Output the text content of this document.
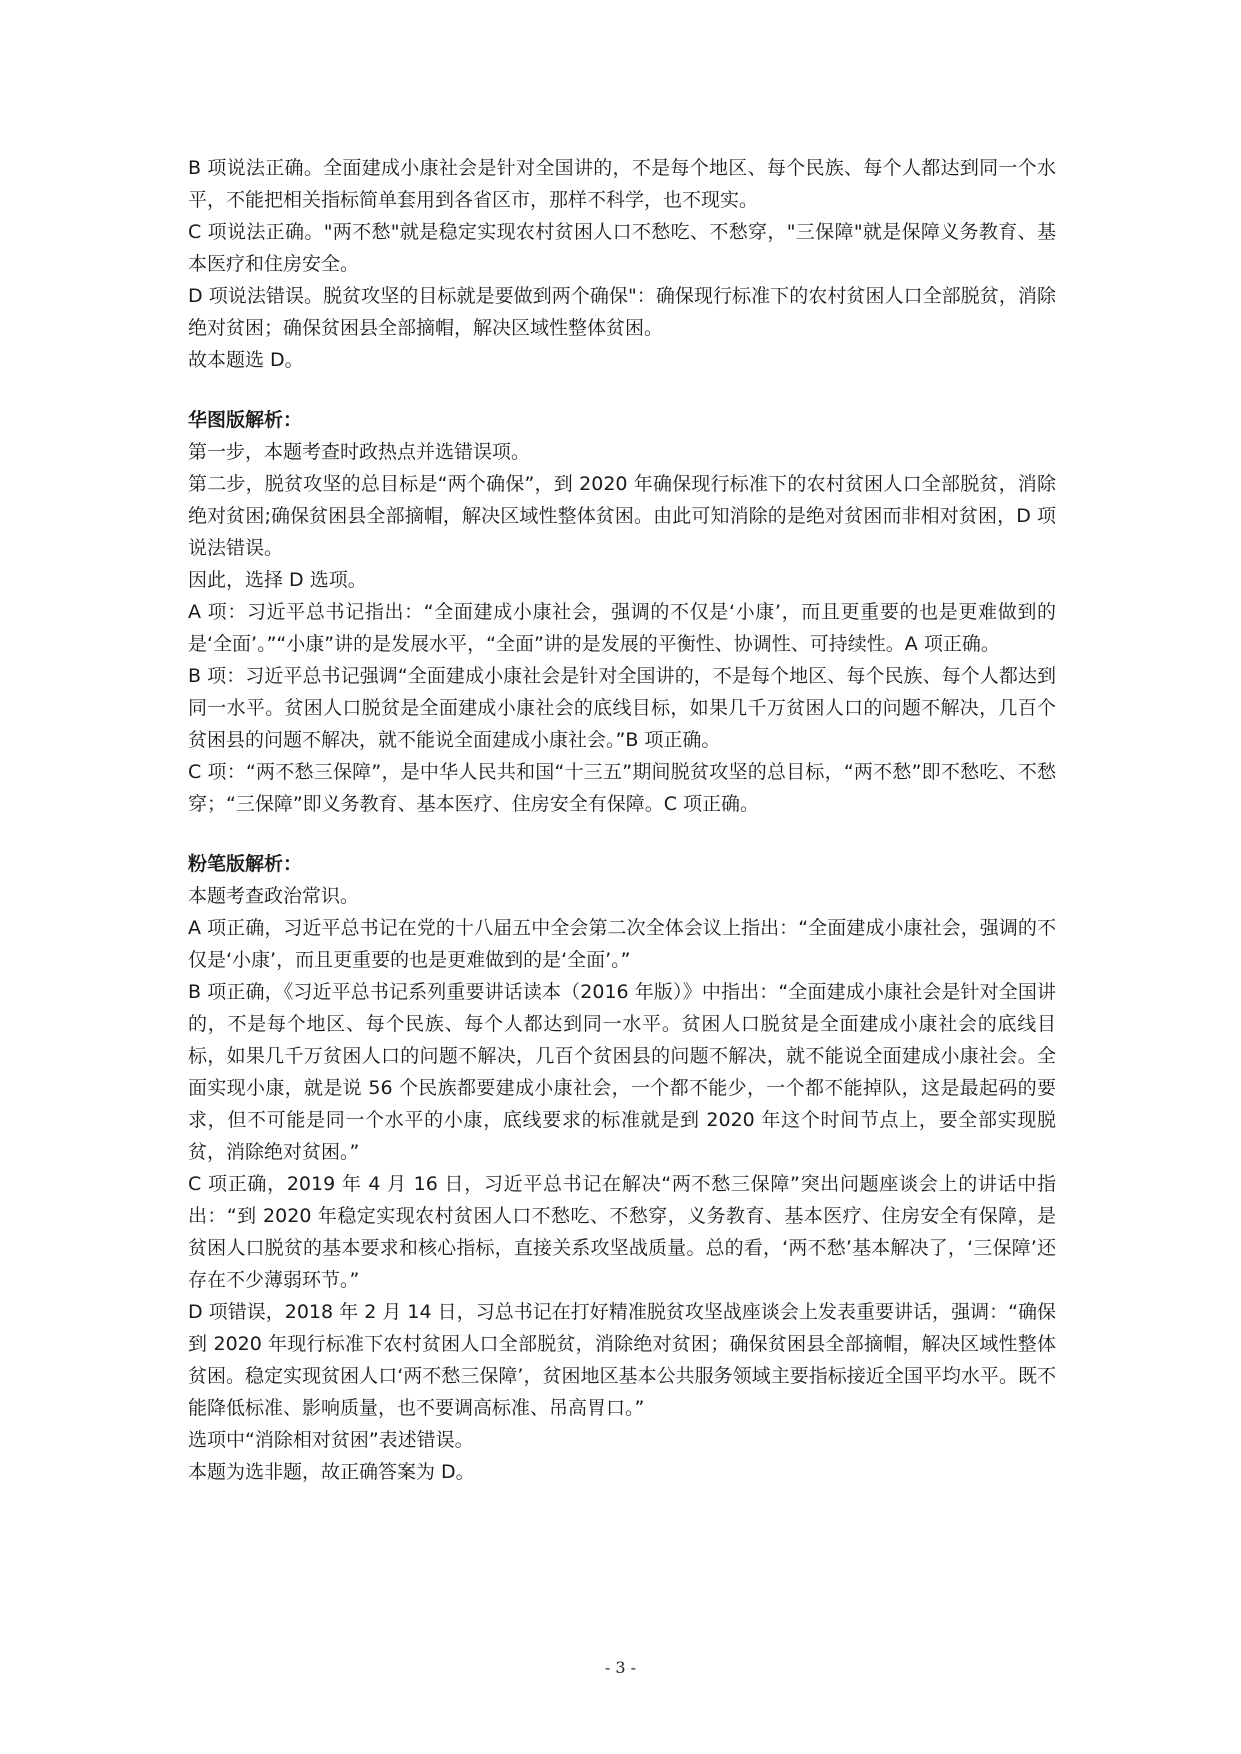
B 项说法正确。全面建成小康社会是针对全国讲的，不是每个地区、每个民族、每个人都达到同一个水平，不能把相关指标简单套用到各省区市，那样不科学，也不现实。

C 项说法正确。"两不愁"就是稳定实现农村贫困人口不愁吃、不愁穿，"三保障"就是保障义务教育、基本医疗和住房安全。

D 项说法错误。脱贫攻坚的目标就是要做到两个确保"：确保现行标准下的农村贫困人口全部脱贫，消除绝对贫困；确保贫困县全部摘帽，解决区域性整体贫困。

故本题选 D。

华图版解析：

第一步，本题考查时政热点并选错误项。

第二步，脱贫攻坚的总目标是“两个确保”，到 2020 年确保现行标准下的农村贫困人口全部脱贫，消除绝对贫困;确保贫困县全部摘帽，解决区域性整体贫困。由此可知消除的是绝对贫困而非相对贫困，D 项说法错误。

因此，选择 D 选项。

A 项：习近平总书记指出：“全面建成小康社会，强调的不仅是‘小康’，而且更重要的也是更难做到的是‘全面’。”“小康”讲的是发展水平，“全面”讲的是发展的平衡性、协调性、可持续性。A 项正确。

B 项：习近平总书记强调“全面建成小康社会是针对全国讲的，不是每个地区、每个民族、每个人都达到同一水平。贫困人口脱贫是全面建成小康社会的底线目标，如果几千万贫困人口的问题不解决，几百个贫困县的问题不解决，就不能说全面建成小康社会。”B 项正确。

C 项：“两不愁三保障”，是中华人民共和国“十三五”期间脱贫攻坚的总目标，“两不愁”即不愁吃、不愁穿；“三保障”即义务教育、基本医疗、住房安全有保障。C 项正确。

粉笔版解析：

本题考查政治常识。

A 项正确，习近平总书记在党的十八届五中全会第二次全体会议上指出：“全面建成小康社会，强调的不仅是‘小康’，而且更重要的也是更难做到的是‘全面’。”

B 项正确，《习近平总书记系列重要讲话读本（2016 年版）》中指出：“全面建成小康社会是针对全国讲的，不是每个地区、每个民族、每个人都达到同一水平。贫困人口脱贫是全面建成小康社会的底线目标，如果几千万贫困人口的问题不解决，几百个贫困县的问题不解决，就不能说全面建成小康社会。全面实现小康，就是说 56 个民族都要建成小康社会，一个都不能少，一个都不能掉队，这是最起码的要求，但不可能是同一个水平的小康，底线要求的标准就是到 2020 年这个时间节点上，要全部实现脱贫，消除绝对贫困。”

C 项正确，2019 年 4 月 16 日，习近平总书记在解决“两不愁三保障”突出问题座谈会上的讲话中指出：“到 2020 年稳定实现农村贫困人口不愁吃、不愁穿，义务教育、基本医疗、住房安全有保障，是贫困人口脱贫的基本要求和核心指标，直接关系攻坚战质量。总的看，‘两不愁’基本解决了，‘三保障’还存在不少薄弱环节。”

D 项错误，2018 年 2 月 14 日，习总书记在打好精准脱贫攻坚战座谈会上发表重要讲话，强调：“确保到 2020 年现行标准下农村贫困人口全部脱贫，消除绝对贫困；确保贫困县全部摘帽，解决区域性整体贫困。稳定实现贫困人口‘两不愁三保障’，贫困地区基本公共服务领域主要指标接近全国平均水平。既不能降低标准、影响质量，也不要调高标准、吊高胃口。”

选项中“消除相对贫困”表述错误。

本题为选非题，故正确答案为 D。

- 3 -
